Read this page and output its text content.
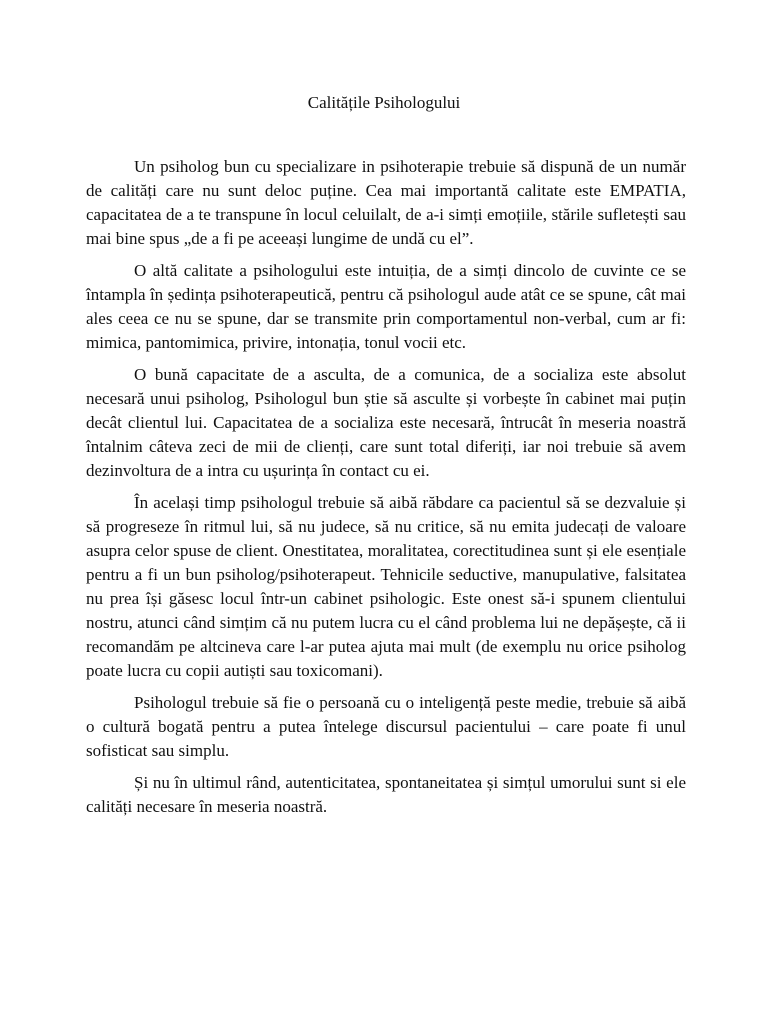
Calitățile Psihologului

Un psiholog bun cu specializare in psihoterapie trebuie să dispună de un număr de calități care nu sunt deloc puține. Cea mai importantă calitate este EMPATIA, capacitatea de a te transpune în locul celuilalt, de a-i simți emoțiile, stările sufletești sau mai bine spus „de a fi pe aceeași lungime de undă cu el”.

O altă calitate a psihologului este intuiția, de a simți dincolo de cuvinte ce se întampla în ședința psihoterapeutică, pentru că psihologul aude atât ce se spune, cât mai ales ceea ce nu se spune, dar se transmite prin comportamentul non-verbal, cum ar fi: mimica, pantomimica, privire, intonația, tonul vocii etc.

O bună capacitate de a asculta, de a comunica, de a socializa este absolut necesară unui psiholog, Psihologul bun știe să asculte și vorbește în cabinet mai puțin decât clientul lui. Capacitatea de a socializa este necesară, întrucât în meseria noastră întalnim câteva zeci de mii de clienți, care sunt total diferiți, iar noi trebuie să avem dezinvoltura de a intra cu ușurința în contact cu ei.

În același timp psihologul trebuie să aibă răbdare ca pacientul să se dezvaluie și să progreseze în ritmul lui, să nu judece, să nu critice, să nu emita judecați de valoare asupra celor spuse de client. Onestitatea, moralitatea, corectitudinea sunt și ele esențiale pentru a fi un bun psiholog/psihoterapeut. Tehnicile seductive, manupulative, falsitatea nu prea își găsesc locul într-un cabinet psihologic. Este onest să-i spunem clientului nostru, atunci când simțim că nu putem lucra cu el când problema lui ne depășește, că ii recomandăm pe altcineva care l-ar putea ajuta mai mult (de exemplu nu orice psiholog poate lucra cu copii autiști sau toxicomani).

Psihologul trebuie să fie o persoană cu o inteligență peste medie, trebuie să aibă o cultură bogată pentru a putea întelege discursul pacientului – care poate fi unul sofisticat sau simplu.

Și nu în ultimul rând, autenticitatea, spontaneitatea și simțul umorului sunt si ele calități necesare în meseria noastră.
